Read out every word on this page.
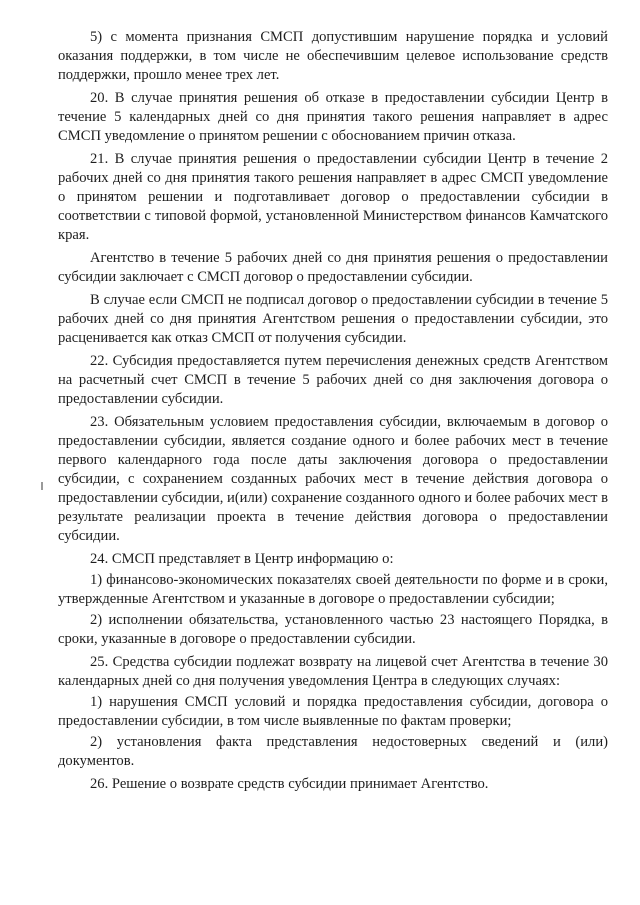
5) с момента признания СМСП допустившим нарушение порядка и условий оказания поддержки, в том числе не обеспечившим целевое использование средств поддержки, прошло менее трех лет.

20. В случае принятия решения об отказе в предоставлении субсидии Центр в течение 5 календарных дней со дня принятия такого решения направляет в адрес СМСП уведомление о принятом решении с обоснованием причин отказа.

21. В случае принятия решения о предоставлении субсидии Центр в течение 2 рабочих дней со дня принятия такого решения направляет в адрес СМСП уведомление о принятом решении и подготавливает договор о предоставлении субсидии в соответствии с типовой формой, установленной Министерством финансов Камчатского края.

Агентство в течение 5 рабочих дней со дня принятия решения о предоставлении субсидии заключает с СМСП договор о предоставлении субсидии.

В случае если СМСП не подписал договор о предоставлении субсидии в течение 5 рабочих дней со дня принятия Агентством решения о предоставлении субсидии, это расценивается как отказ СМСП от получения субсидии.

22. Субсидия предоставляется путем перечисления денежных средств Агентством на расчетный счет СМСП в течение 5 рабочих дней со дня заключения договора о предоставлении субсидии.

23. Обязательным условием предоставления субсидии, включаемым в договор о предоставлении субсидии, является создание одного и более рабочих мест в течение первого календарного года после даты заключения договора о предоставлении субсидии, с сохранением созданных рабочих мест в течение действия договора о предоставлении субсидии, и(или) сохранение созданного одного и более рабочих мест в результате реализации проекта в течение действия договора о предоставлении субсидии.

24. СМСП представляет в Центр информацию о:

1) финансово-экономических показателях своей деятельности по форме и в сроки, утвержденные Агентством и указанные в договоре о предоставлении субсидии;

2) исполнении обязательства, установленного частью 23 настоящего Порядка, в сроки, указанные в договоре о предоставлении субсидии.

25. Средства субсидии подлежат возврату на лицевой счет Агентства в течение 30 календарных дней со дня получения уведомления Центра в следующих случаях:

1) нарушения СМСП условий и порядка предоставления субсидии, договора о предоставлении субсидии, в том числе выявленные по фактам проверки;

2) установления факта представления недостоверных сведений и (или) документов.

26. Решение о возврате средств субсидии принимает Агентство.
